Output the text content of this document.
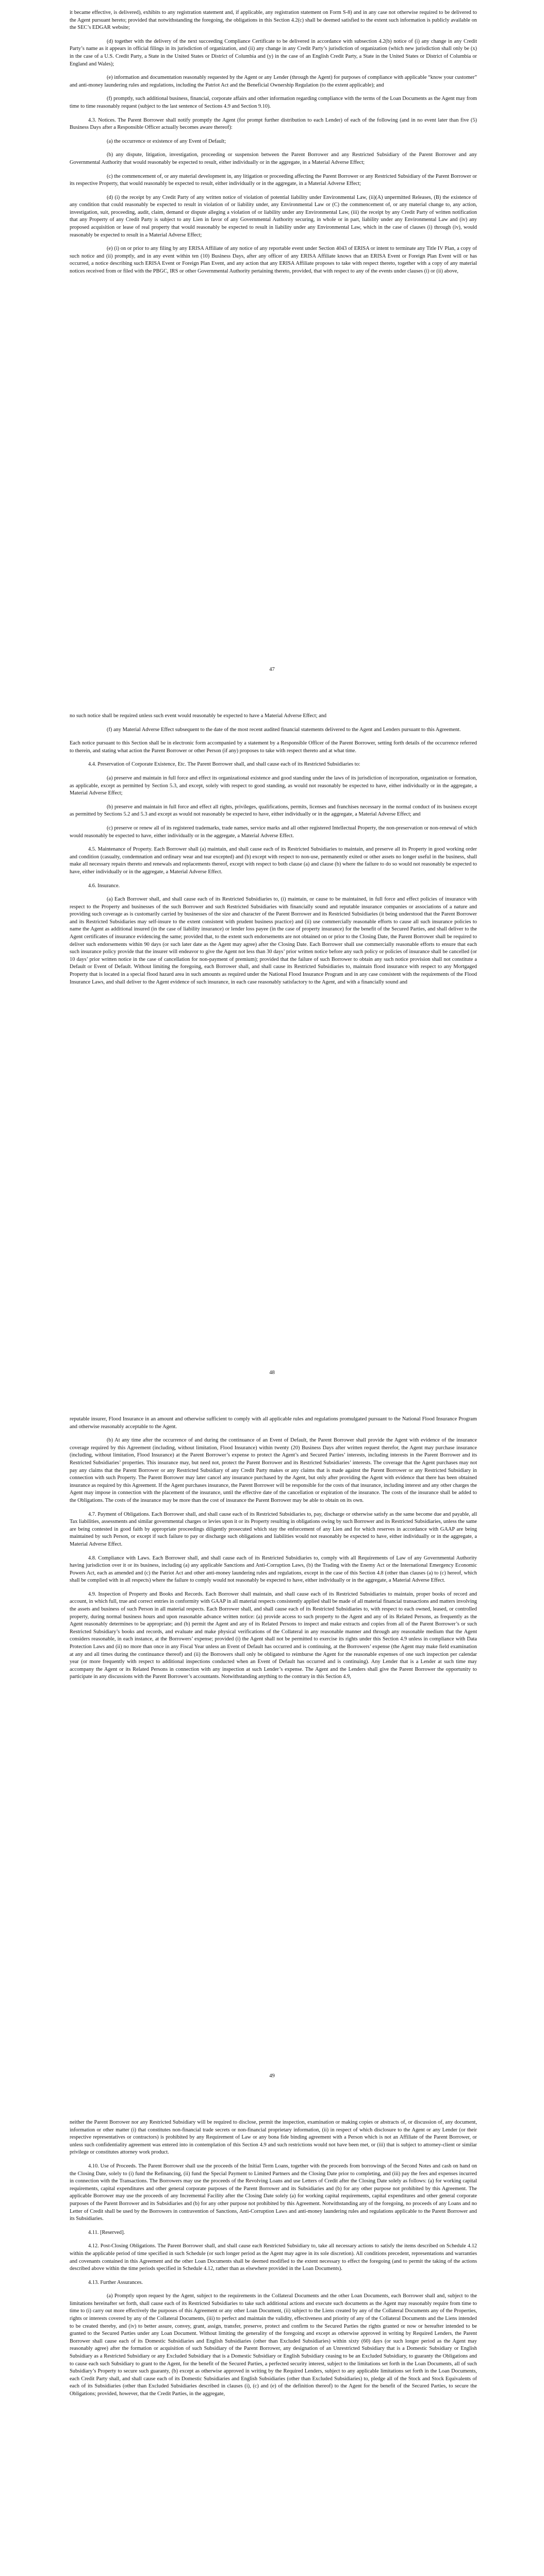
it became effective, is delivered), exhibits to any registration statement and, if applicable, any registration statement on Form S-8) and in any case not otherwise required to be delivered to the Agent pursuant hereto; provided that notwithstanding the foregoing, the obligations in this Section 4.2(c) shall be deemed satisfied to the extent such information is publicly available on the SEC’s EDGAR website;

(d) together with the delivery of the next succeeding Compliance Certificate to be delivered in accordance with subsection 4.2(b) notice of (i) any change in any Credit Party’s name as it appears in official filings in its jurisdiction of organization, and (ii) any change in any Credit Party’s jurisdiction of organization (which new jurisdiction shall only be (x) in the case of a U.S. Credit Party, a State in the United States or District of Columbia and (y) in the case of an English Credit Party, a State in the United States or District of Columbia or England and Wales);

(e) information and documentation reasonably requested by the Agent or any Lender (through the Agent) for purposes of compliance with applicable “know your customer” and anti-money laundering rules and regulations, including the Patriot Act and the Beneficial Ownership Regulation (to the extent applicable); and

(f) promptly, such additional business, financial, corporate affairs and other information regarding compliance with the terms of the Loan Documents as the Agent may from time to time reasonably request (subject to the last sentence of Sections 4.9 and Section 9.10).

4.3. Notices. The Parent Borrower shall notify promptly the Agent (for prompt further distribution to each Lender) of each of the following (and in no event later than five (5) Business Days after a Responsible Officer actually becomes aware thereof):

(a) the occurrence or existence of any Event of Default;

(b) any dispute, litigation, investigation, proceeding or suspension between the Parent Borrower and any Restricted Subsidiary of the Parent Borrower and any Governmental Authority that would reasonably be expected to result, either individually or in the aggregate, in a Material Adverse Effect;

(c) the commencement of, or any material development in, any litigation or proceeding affecting the Parent Borrower or any Restricted Subsidiary of the Parent Borrower or its respective Property, that would reasonably be expected to result, either individually or in the aggregate, in a Material Adverse Effect;

(d) (i) the receipt by any Credit Party of any written notice of violation of potential liability under Environmental Law, (ii)(A) unpermitted Releases, (B) the existence of any condition that could reasonably be expected to result in violation of or liability under, any Environmental Law or (C) the commencement of, or any material change to, any action, investigation, suit, proceeding, audit, claim, demand or dispute alleging a violation of or liability under any Environmental Law, (iii) the receipt by any Credit Party of written notification that any Property of any Credit Party is subject to any Lien in favor of any Governmental Authority securing, in whole or in part, liability under any Environmental Law and (iv) any proposed acquisition or lease of real property that would reasonably be expected to result in liability under any Environmental Law, which in the case of clauses (i) through (iv), would reasonably be expected to result in a Material Adverse Effect;

(e) (i) on or prior to any filing by any ERISA Affiliate of any notice of any reportable event under Section 4043 of ERISA or intent to terminate any Title IV Plan, a copy of such notice and (ii) promptly, and in any event within ten (10) Business Days, after any officer of any ERISA Affiliate knows that an ERISA Event or Foreign Plan Event will or has occurred, a notice describing such ERISA Event or Foreign Plan Event, and any action that any ERISA Affiliate proposes to take with respect thereto, together with a copy of any material notices received from or filed with the PBGC, IRS or other Governmental Authority pertaining thereto, provided, that with respect to any of the events under clauses (i) or (ii) above,

47

no such notice shall be required unless such event would reasonably be expected to have a Material Adverse Effect; and

(f) any Material Adverse Effect subsequent to the date of the most recent audited financial statements delivered to the Agent and Lenders pursuant to this Agreement.

Each notice pursuant to this Section shall be in electronic form accompanied by a statement by a Responsible Officer of the Parent Borrower, setting forth details of the occurrence referred to therein, and stating what action the Parent Borrower or other Person (if any) proposes to take with respect thereto and at what time.

4.4. Preservation of Corporate Existence, Etc. The Parent Borrower shall, and shall cause each of its Restricted Subsidiaries to:

(a) preserve and maintain in full force and effect its organizational existence and good standing under the laws of its jurisdiction of incorporation, organization or formation, as applicable, except as permitted by Section 5.3, and except, solely with respect to good standing, as would not reasonably be expected to have, either individually or in the aggregate, a Material Adverse Effect;

(b) preserve and maintain in full force and effect all rights, privileges, qualifications, permits, licenses and franchises necessary in the normal conduct of its business except as permitted by Sections 5.2 and 5.3 and except as would not reasonably be expected to have, either individually or in the aggregate, a Material Adverse Effect; and

(c) preserve or renew all of its registered trademarks, trade names, service marks and all other registered Intellectual Property, the non-preservation or non-renewal of which would reasonably be expected to have, either individually or in the aggregate, a Material Adverse Effect.

4.5. Maintenance of Property. Each Borrower shall (a) maintain, and shall cause each of its Restricted Subsidiaries to maintain, and preserve all its Property in good working order and condition (casualty, condemnation and ordinary wear and tear excepted) and (b) except with respect to non-use, permanently exited or other assets no longer useful in the business, shall make all necessary repairs thereto and renewals and replacements thereof, except with respect to both clause (a) and clause (b) where the failure to do so would not reasonably be expected to have, either individually or in the aggregate, a Material Adverse Effect.

4.6. Insurance.

(a) Each Borrower shall, and shall cause each of its Restricted Subsidiaries to, (i) maintain, or cause to be maintained, in full force and effect policies of insurance with respect to the Property and businesses of the such Borrower and such Restricted Subsidiaries with financially sound and reputable insurance companies or associations of a nature and providing such coverage as is customarily carried by businesses of the size and character of the Parent Borrower and its Restricted Subsidiaries (it being understood that the Parent Borrower and its Restricted Subsidiaries may self-insure to the extent consistent with prudent business practice) and (ii) use commercially reasonable efforts to cause all such insurance policies to name the Agent as additional insured (in the case of liability insurance) or lender loss payee (in the case of property insurance) for the benefit of the Secured Parties, and shall deliver to the Agent certificates of insurance evidencing the same; provided that, to the extent such endorsements are not obtained on or prior to the Closing Date, the Parent Borrower shall be required to deliver such endorsements within 90 days (or such later date as the Agent may agree) after the Closing Date. Each Borrower shall use commercially reasonable efforts to ensure that each such insurance policy provide that the insurer will endeavor to give the Agent not less than 30 days’ prior written notice before any such policy or policies of insurance shall be cancelled (or 10 days’ prior written notice in the case of cancellation for non-payment of premium); provided that the failure of such Borrower to obtain any such notice provision shall not constitute a Default or Event of Default. Without limiting the foregoing, each Borrower shall, and shall cause its Restricted Subsidiaries to, maintain flood insurance with respect to any Mortgaged Property that is located in a special flood hazard area in such amounts as required under the National Flood Insurance Program and in any case consistent with the requirements of the Flood Insurance Laws, and shall deliver to the Agent evidence of such insurance, in each case reasonably satisfactory to the Agent, and with a financially sound and

48

reputable insurer, Flood Insurance in an amount and otherwise sufficient to comply with all applicable rules and regulations promulgated pursuant to the National Flood Insurance Program and otherwise reasonably acceptable to the Agent.

(b) At any time after the occurrence of and during the continuance of an Event of Default, the Parent Borrower shall provide the Agent with evidence of the insurance coverage required by this Agreement (including, without limitation, Flood Insurance) within twenty (20) Business Days after written request therefor, the Agent may purchase insurance (including, without limitation, Flood Insurance) at the Parent Borrower’s expense to protect the Agent’s and Secured Parties’ interests, including interests in the Parent Borrower and its Restricted Subsidiaries’ properties. This insurance may, but need not, protect the Parent Borrower and its Restricted Subsidiaries’ interests. The coverage that the Agent purchases may not pay any claims that the Parent Borrower or any Restricted Subsidiary of any Credit Party makes or any claims that is made against the Parent Borrower or any Restricted Subsidiary in connection with such Property. The Parent Borrower may later cancel any insurance purchased by the Agent, but only after providing the Agent with evidence that there has been obtained insurance as required by this Agreement. If the Agent purchases insurance, the Parent Borrower will be responsible for the costs of that insurance, including interest and any other charges the Agent may impose in connection with the placement of the insurance, until the effective date of the cancellation or expiration of the insurance. The costs of the insurance shall be added to the Obligations. The costs of the insurance may be more than the cost of insurance the Parent Borrower may be able to obtain on its own.

4.7. Payment of Obligations. Each Borrower shall, and shall cause each of its Restricted Subsidiaries to, pay, discharge or otherwise satisfy as the same become due and payable, all Tax liabilities, assessments and similar governmental charges or levies upon it or its Property resulting in obligations owing by such Borrower and its Restricted Subsidiaries, unless the same are being contested in good faith by appropriate proceedings diligently prosecuted which stay the enforcement of any Lien and for which reserves in accordance with GAAP are being maintained by such Person, or except if such failure to pay or discharge such obligations and liabilities would not reasonably be expected to have, either individually or in the aggregate, a Material Adverse Effect.

4.8. Compliance with Laws. Each Borrower shall, and shall cause each of its Restricted Subsidiaries to, comply with all Requirements of Law of any Governmental Authority having jurisdiction over it or its business, including (a) any applicable Sanctions and Anti-Corruption Laws, (b) the Trading with the Enemy Act or the International Emergency Economic Powers Act, each as amended and (c) the Patriot Act and other anti-money laundering rules and regulations, except in the case of this Section 4.8 (other than clauses (a) to (c) hereof, which shall be complied with in all respects) where the failure to comply would not reasonably be expected to have, either individually or in the aggregate, a Material Adverse Effect.

4.9. Inspection of Property and Books and Records. Each Borrower shall maintain, and shall cause each of its Restricted Subsidiaries to maintain, proper books of record and account, in which full, true and correct entries in conformity with GAAP in all material respects consistently applied shall be made of all material financial transactions and matters involving the assets and business of such Person in all material respects. Each Borrower shall, and shall cause each of its Restricted Subsidiaries to, with respect to each owned, leased, or controlled property, during normal business hours and upon reasonable advance written notice: (a) provide access to such property to the Agent and any of its Related Persons, as frequently as the Agent reasonably determines to be appropriate; and (b) permit the Agent and any of its Related Persons to inspect and make extracts and copies from all of the Parent Borrower’s or such Restricted Subsidiary’s books and records, and evaluate and make physical verifications of the Collateral in any reasonable manner and through any reasonable medium that the Agent considers reasonable, in each instance, at the Borrowers’ expense; provided (i) the Agent shall not be permitted to exercise its rights under this Section 4.9 unless in compliance with Data Protection Laws and (ii) no more than once in any Fiscal Year unless an Event of Default has occurred and is continuing, at the Borrowers’ expense (the Agent may make field examination at any and all times during the continuance thereof) and (ii) the Borrowers shall only be obligated to reimburse the Agent for the reasonable expenses of one such inspection per calendar year (or more frequently with respect to additional inspections conducted when an Event of Default has occurred and is continuing). Any Lender that is a Lender at such time may accompany the Agent or its Related Persons in connection with any inspection at such Lender’s expense. The Agent and the Lenders shall give the Parent Borrower the opportunity to participate in any discussions with the Parent Borrower’s accountants. Notwithstanding anything to the contrary in this Section 4.9,

49

neither the Parent Borrower nor any Restricted Subsidiary will be required to disclose, permit the inspection, examination or making copies or abstracts of, or discussion of, any document, information or other matter (i) that constitutes non-financial trade secrets or non-financial proprietary information, (ii) in respect of which disclosure to the Agent or any Lender (or their respective representatives or contractors) is prohibited by any Requirement of Law or any bona fide binding agreement with a Person which is not an Affiliate of the Parent Borrower, or unless such confidentiality agreement was entered into in contemplation of this Section 4.9 and such restrictions would not have been met, or (iii) that is subject to attorney-client or similar privilege or constitutes attorney work product.

4.10. Use of Proceeds. The Parent Borrower shall use the proceeds of the Initial Term Loans, together with the proceeds from borrowings of the Second Notes and cash on hand on the Closing Date, solely to (i) fund the Refinancing, (ii) fund the Special Payment to Limited Partners and the Closing Date prior to completing, and (iii) pay the fees and expenses incurred in connection with the Transactions. The Borrowers may use the proceeds of the Revolving Loans and use Letters of Credit after the Closing Date solely as follows: (a) for working capital requirements, capital expenditures and other general corporate purposes of the Parent Borrower and its Subsidiaries and (b) for any other purpose not prohibited by this Agreement. The applicable Borrower may use the proceeds of any Incremental Facility after the Closing Date solely (a) for working capital requirements, capital expenditures and other general corporate purposes of the Parent Borrower and its Subsidiaries and (b) for any other purpose not prohibited by this Agreement. Notwithstanding any of the foregoing, no proceeds of any Loans and no Letter of Credit shall be used by the Borrowers in contravention of Sanctions, Anti-Corruption Laws and anti-money laundering rules and regulations applicable to the Parent Borrower and its Subsidiaries.

4.11. [Reserved].

4.12. Post-Closing Obligations. The Parent Borrower shall, and shall cause each Restricted Subsidiary to, take all necessary actions to satisfy the items described on Schedule 4.12 within the applicable period of time specified in such Schedule (or such longer period as the Agent may agree in its sole discretion). All conditions precedent, representations and warranties and covenants contained in this Agreement and the other Loan Documents shall be deemed modified to the extent necessary to effect the foregoing (and to permit the taking of the actions described above within the time periods specified in Schedule 4.12, rather than as elsewhere provided in the Loan Documents).

4.13. Further Assurances.

(a) Promptly upon request by the Agent, subject to the requirements in the Collateral Documents and the other Loan Documents, each Borrower shall and, subject to the limitations hereinafter set forth, shall cause each of its Restricted Subsidiaries to take such additional actions and execute such documents as the Agent may reasonably require from time to time to (i) carry out more effectively the purposes of this Agreement or any other Loan Document, (ii) subject to the Liens created by any of the Collateral Documents any of the Properties, rights or interests covered by any of the Collateral Documents, (iii) to perfect and maintain the validity, effectiveness and priority of any of the Collateral Documents and the Liens intended to be created thereby, and (iv) to better assure, convey, grant, assign, transfer, preserve, protect and confirm to the Secured Parties the rights granted or now or hereafter intended to be granted to the Secured Parties under any Loan Document. Without limiting the generality of the foregoing and except as otherwise approved in writing by Required Lenders, the Parent Borrower shall cause each of its Domestic Subsidiaries and English Subsidiaries (other than Excluded Subsidiaries) within sixty (60) days (or such longer period as the Agent may reasonably agree) after the formation or acquisition of such Subsidiary of the Parent Borrower, any designation of an Unrestricted Subsidiary that is a Domestic Subsidiary or English Subsidiary as a Restricted Subsidiary or any Excluded Subsidiary that is a Domestic Subsidiary or English Subsidiary ceasing to be an Excluded Subsidiary, to guaranty the Obligations and to cause each such Subsidiary to grant to the Agent, for the benefit of the Secured Parties, a perfected security interest, subject to the limitations set forth in the Loan Documents, all of such Subsidiary’s Property to secure such guaranty, (b) except as otherwise approved in writing by the Required Lenders, subject to any applicable limitations set forth in the Loan Documents, each Credit Party shall, and shall cause each of its Domestic Subsidiaries and English Subsidiaries (other than Excluded Subsidiaries) to, pledge all of the Stock and Stock Equivalents of each of its Subsidiaries (other than Excluded Subsidiaries described in clauses (i), (c) and (e) of the definition thereof) to the Agent for the benefit of the Secured Parties, to secure the Obligations; provided, however, that the Credit Parties, in the aggregate,
